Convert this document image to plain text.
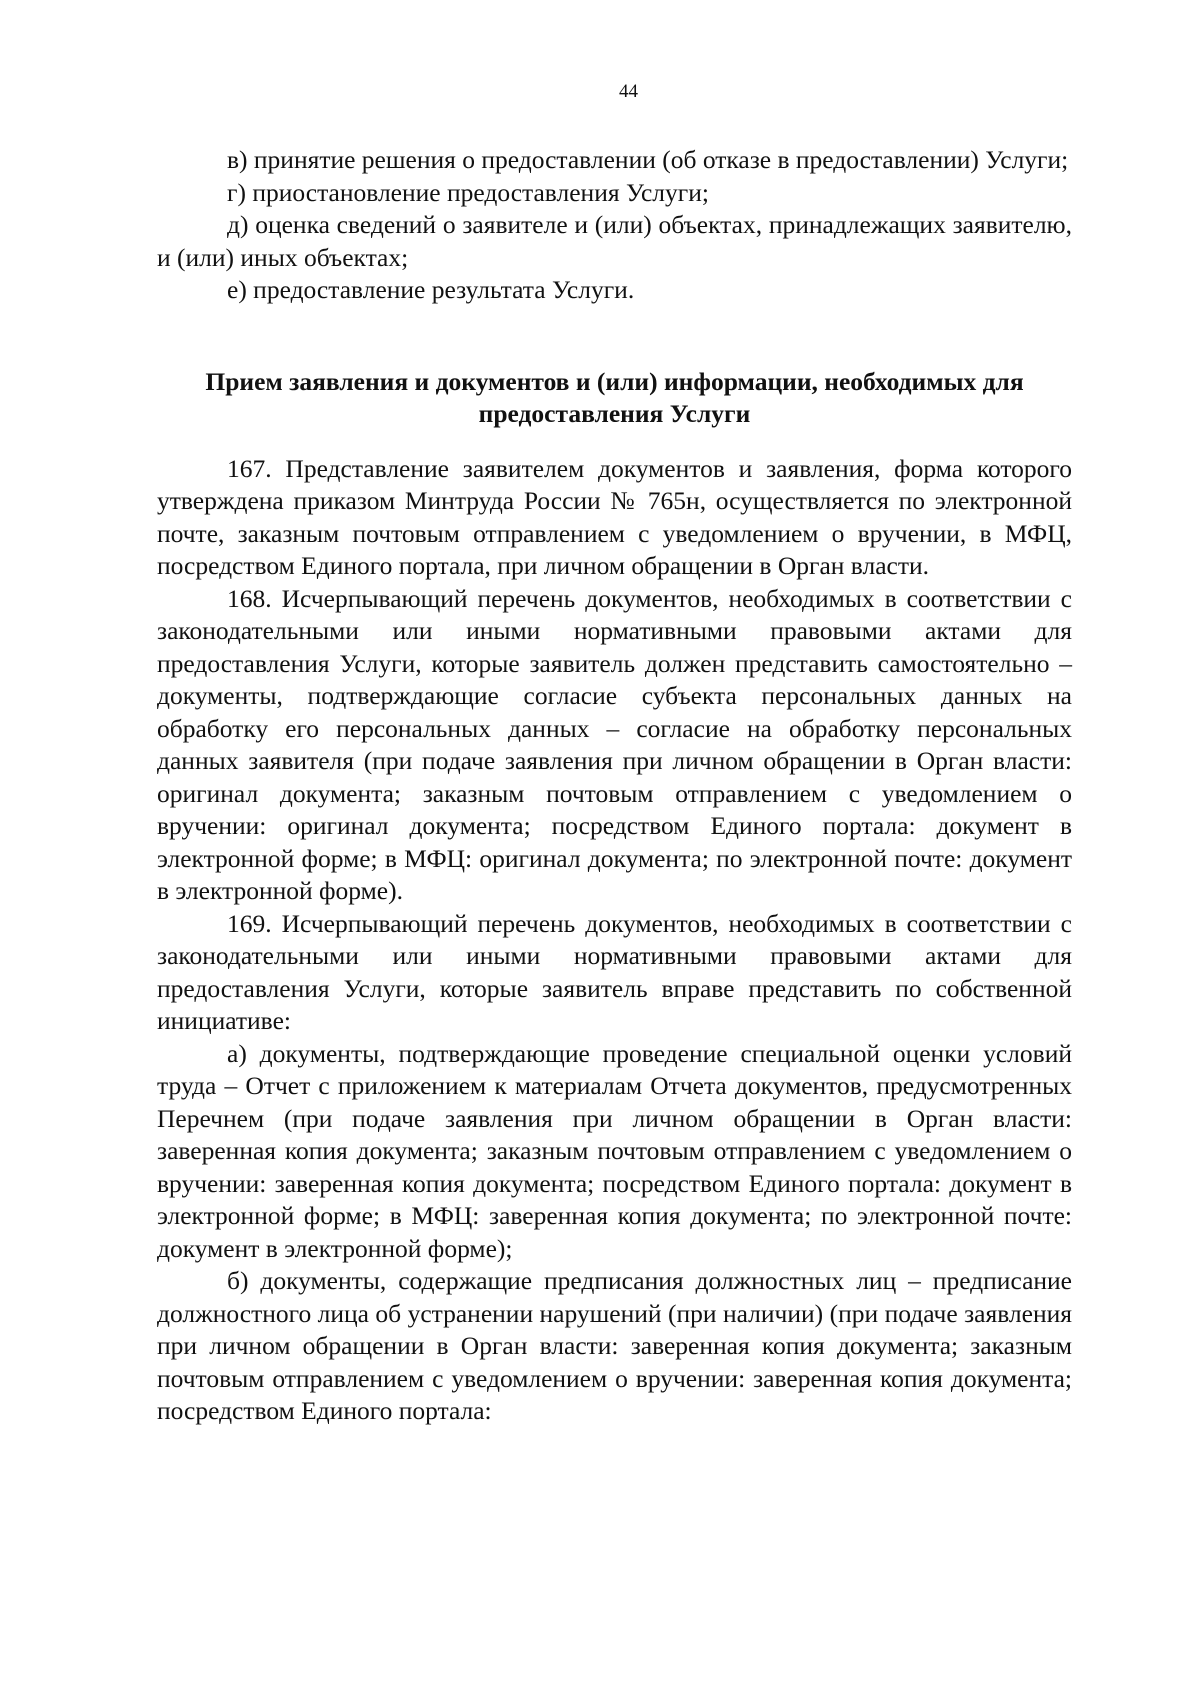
44

в) принятие решения о предоставлении (об отказе в предоставлении) Услуги;

г) приостановление предоставления Услуги;

д) оценка сведений о заявителе и (или) объектах, принадлежащих заявителю, и (или) иных объектах;

е) предоставление результата Услуги.

Прием заявления и документов и (или) информации, необходимых для
предоставления Услуги

167. Представление заявителем документов и заявления, форма которого утверждена приказом Минтруда России № 765н, осуществляется по электронной почте, заказным почтовым отправлением с уведомлением о вручении, в МФЦ, посредством Единого портала, при личном обращении в Орган власти.

168. Исчерпывающий перечень документов, необходимых в соответствии с законодательными или иными нормативными правовыми актами для предоставления Услуги, которые заявитель должен представить самостоятельно – документы, подтверждающие согласие субъекта персональных данных на обработку его персональных данных – согласие на обработку персональных данных заявителя (при подаче заявления при личном обращении в Орган власти: оригинал документа; заказным почтовым отправлением с уведомлением о вручении: оригинал документа; посредством Единого портала: документ в электронной форме; в МФЦ: оригинал документа; по электронной почте: документ в электронной форме).

169. Исчерпывающий перечень документов, необходимых в соответствии с законодательными или иными нормативными правовыми актами для предоставления Услуги, которые заявитель вправе представить по собственной инициативе:

а) документы, подтверждающие проведение специальной оценки условий труда – Отчет с приложением к материалам Отчета документов, предусмотренных Перечнем (при подаче заявления при личном обращении в Орган власти: заверенная копия документа; заказным почтовым отправлением с уведомлением о вручении: заверенная копия документа; посредством Единого портала: документ в электронной форме; в МФЦ: заверенная копия документа; по электронной почте: документ в электронной форме);

б) документы, содержащие предписания должностных лиц – предписание должностного лица об устранении нарушений (при наличии) (при подаче заявления при личном обращении в Орган власти: заверенная копия документа; заказным почтовым отправлением с уведомлением о вручении: заверенная копия документа; посредством Единого портала:
